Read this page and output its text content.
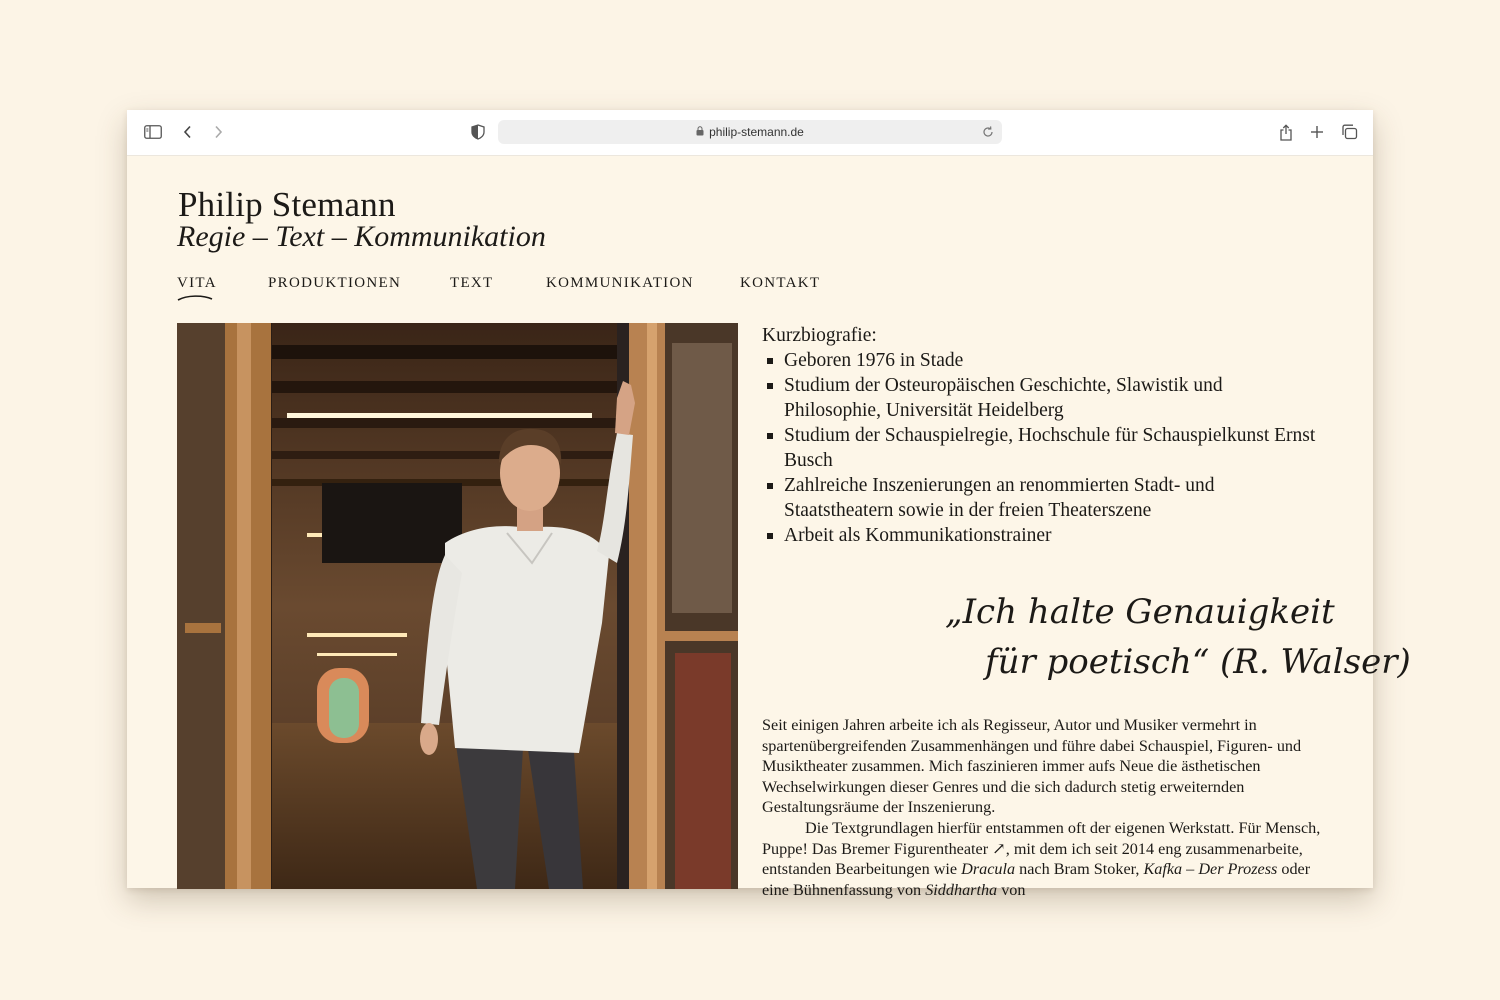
philip-stemann.de
Philip Stemann
Regie – Text – Kommunikation
VITA	PRODUKTIONEN	TEXT	KOMMUNIKATION	KONTAKT
Kurzbiografie:
Geboren 1976 in Stade
Studium der Osteuropäischen Geschichte, Slawistik und Philosophie, Universität Heidelberg
Studium der Schauspielregie, Hochschule für Schauspielkunst Ernst Busch
Zahlreiche Inszenierungen an renommierten Stadt- und Staatstheatern sowie in der freien Theaterszene
Arbeit als Kommunikationstrainer
„Ich halte Genauigkeit
für poetisch“ (R. Walser)

Seit einigen Jahren arbeite ich als Regisseur, Autor und Musiker vermehrt in spartenübergreifenden Zusammenhängen und führe dabei Schauspiel, Figuren- und Musiktheater zusammen. Mich faszinieren immer aufs Neue die ästhetischen Wechselwirkungen dieser Genres und die sich dadurch stetig erweiternden Gestaltungsräume der Inszenierung.

Die Textgrundlagen hierfür entstammen oft der eigenen Werkstatt. Für Mensch, Puppe! Das Bremer Figurentheater ↗, mit dem ich seit 2014 eng zusammenarbeite, entstanden Bearbeitungen wie Dracula nach Bram Stoker, Kafka – Der Prozess oder eine Bühnenfassung von Siddhartha von
